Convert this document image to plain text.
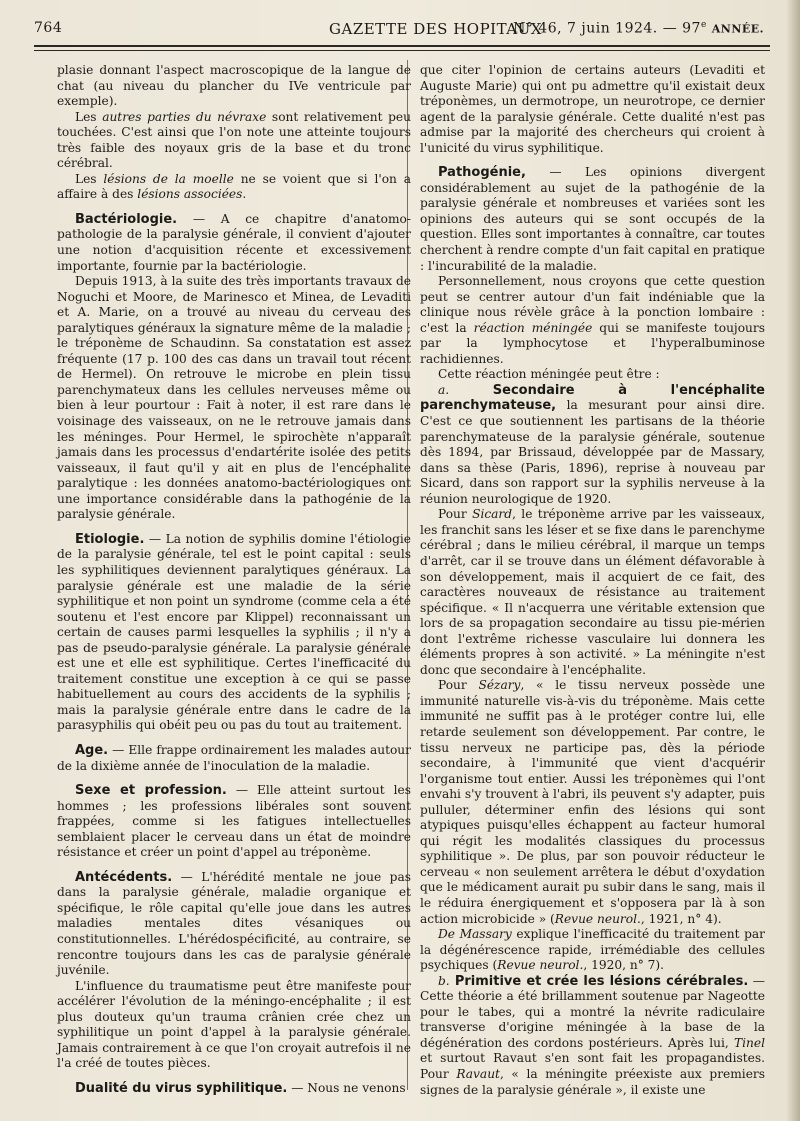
764	GAZETTE DES HOPITAUX
N° 46, 7 juin 1924. — 97e ANNÉE.

plasie donnant l'aspect macroscopique de la langue de chat (au niveau du plancher du IVe ventricule par exemple).

Les autres parties du névraxe sont relativement peu touchées. C'est ainsi que l'on note une atteinte toujours très faible des noyaux gris de la base et du tronc cérébral.

Les lésions de la moelle ne se voient que si l'on a affaire à des lésions associées.

Bactériologie. — A ce chapitre d'anatomo-pathologie de la paralysie générale, il convient d'ajouter une notion d'acquisition récente et excessivement importante, fournie par la bactériologie.

Depuis 1913, à la suite des très importants travaux de Noguchi et Moore, de Marinesco et Minea, de Levaditi et A. Marie, on a trouvé au niveau du cerveau des paralytiques généraux la signature même de la maladie ; le tréponème de Schaudinn. Sa constatation est assez fréquente (17 p. 100 des cas dans un travail tout récent de Hermel). On retrouve le microbe en plein tissu parenchymateux dans les cellules nerveuses même ou bien à leur pourtour : Fait à noter, il est rare dans le voisinage des vaisseaux, on ne le retrouve jamais dans les méninges. Pour Hermel, le spirochète n'apparaît jamais dans les processus d'endartérite isolée des petits vaisseaux, il faut qu'il y ait en plus de l'encéphalite paralytique : les données anatomo-bactériologiques ont une importance considérable dans la pathogénie de la paralysie générale.

Etiologie. — La notion de syphilis domine l'étiologie de la paralysie générale, tel est le point capital : seuls les syphilitiques deviennent paralytiques généraux. La paralysie générale est une maladie de la série syphilitique et non point un syndrome (comme cela a été soutenu et l'est encore par Klippel) reconnaissant un certain de causes parmi lesquelles la syphilis ; il n'y a pas de pseudo-paralysie générale. La paralysie générale est une et elle est syphilitique. Certes l'inefficacité du traitement constitue une exception à ce qui se passe habituellement au cours des accidents de la syphilis ; mais la paralysie générale entre dans le cadre de la parasyphilis qui obéit peu ou pas du tout au traitement.

Age. — Elle frappe ordinairement les malades autour de la dixième année de l'inoculation de la maladie.

Sexe et profession. — Elle atteint surtout les hommes ; les professions libérales sont souvent frappées, comme si les fatigues intellectuelles semblaient placer le cerveau dans un état de moindre résistance et créer un point d'appel au tréponème.

Antécédents. — L'hérédité mentale ne joue pas dans la paralysie générale, maladie organique et spécifique, le rôle capital qu'elle joue dans les autres maladies mentales dites vésaniques ou constitutionnelles. L'hérédospécificité, au contraire, se rencontre toujours dans les cas de paralysie générale juvénile.

L'influence du traumatisme peut être manifeste pour accélérer l'évolution de la méningo-encéphalite ; il est plus douteux qu'un trauma crânien crée chez un syphilitique un point d'appel à la paralysie générale. Jamais contrairement à ce que l'on croyait autrefois il ne l'a créé de toutes pièces.

Dualité du virus syphilitique. — Nous ne venons

que citer l'opinion de certains auteurs (Levaditi et Auguste Marie) qui ont pu admettre qu'il existait deux tréponèmes, un dermotrope, un neurotrope, ce dernier agent de la paralysie générale. Cette dualité n'est pas admise par la majorité des chercheurs qui croient à l'unicité du virus syphilitique.

Pathogénie, — Les opinions divergent considérablement au sujet de la pathogénie de la paralysie générale et nombreuses et variées sont les opinions des auteurs qui se sont occupés de la question. Elles sont importantes à connaître, car toutes cherchent à rendre compte d'un fait capital en pratique : l'incurabilité de la maladie.

Personnellement, nous croyons que cette question peut se centrer autour d'un fait indéniable que la clinique nous révèle grâce à la ponction lombaire : c'est la réaction méningée qui se manifeste toujours par la lymphocytose et l'hyperalbuminose rachidiennes.

Cette réaction méningée peut être :

a. Secondaire à l'encéphalite parenchymateuse, la mesurant pour ainsi dire. C'est ce que soutiennent les partisans de la théorie parenchymateuse de la paralysie générale, soutenue dès 1894, par Brissaud, développée par de Massary, dans sa thèse (Paris, 1896), reprise à nouveau par Sicard, dans son rapport sur la syphilis nerveuse à la réunion neurologique de 1920.

Pour Sicard, le tréponème arrive par les vaisseaux, les franchit sans les léser et se fixe dans le parenchyme cérébral ; dans le milieu cérébral, il marque un temps d'arrêt, car il se trouve dans un élément défavorable à son développement, mais il acquiert de ce fait, des caractères nouveaux de résistance au traitement spécifique. « Il n'acquerra une véritable extension que lors de sa propagation secondaire au tissu pie-mérien dont l'extrême richesse vasculaire lui donnera les éléments propres à son activité. » La méningite n'est donc que secondaire à l'encéphalite.

Pour Sézary, « le tissu nerveux possède une immunité naturelle vis-à-vis du tréponème. Mais cette immunité ne suffit pas à le protéger contre lui, elle retarde seulement son développement. Par contre, le tissu nerveux ne participe pas, dès la période secondaire, à l'immunité que vient d'acquérir l'organisme tout entier. Aussi les tréponèmes qui l'ont envahi s'y trouvent à l'abri, ils peuvent s'y adapter, puis pulluler, déterminer enfin des lésions qui sont atypiques puisqu'elles échappent au facteur humoral qui régit les modalités classiques du processus syphilitique ». De plus, par son pouvoir réducteur le cerveau « non seulement arrêtera le début d'oxydation que le médicament aurait pu subir dans le sang, mais il le réduira énergiquement et s'opposera par là à son action microbicide » (Revue neurol., 1921, n° 4).

De Massary explique l'inefficacité du traitement par la dégénérescence rapide, irrémédiable des cellules psychiques (Revue neurol., 1920, n° 7).

b. Primitive et crée les lésions cérébrales. — Cette théorie a été brillamment soutenue par Nageotte pour le tabes, qui a montré la névrite radiculaire transverse d'origine méningée à la base de la dégénération des cordons postérieurs. Après lui, Tinel et surtout Ravaut s'en sont fait les propagandistes. Pour Ravaut, « la méningite préexiste aux premiers signes de la paralysie générale », il existe une
